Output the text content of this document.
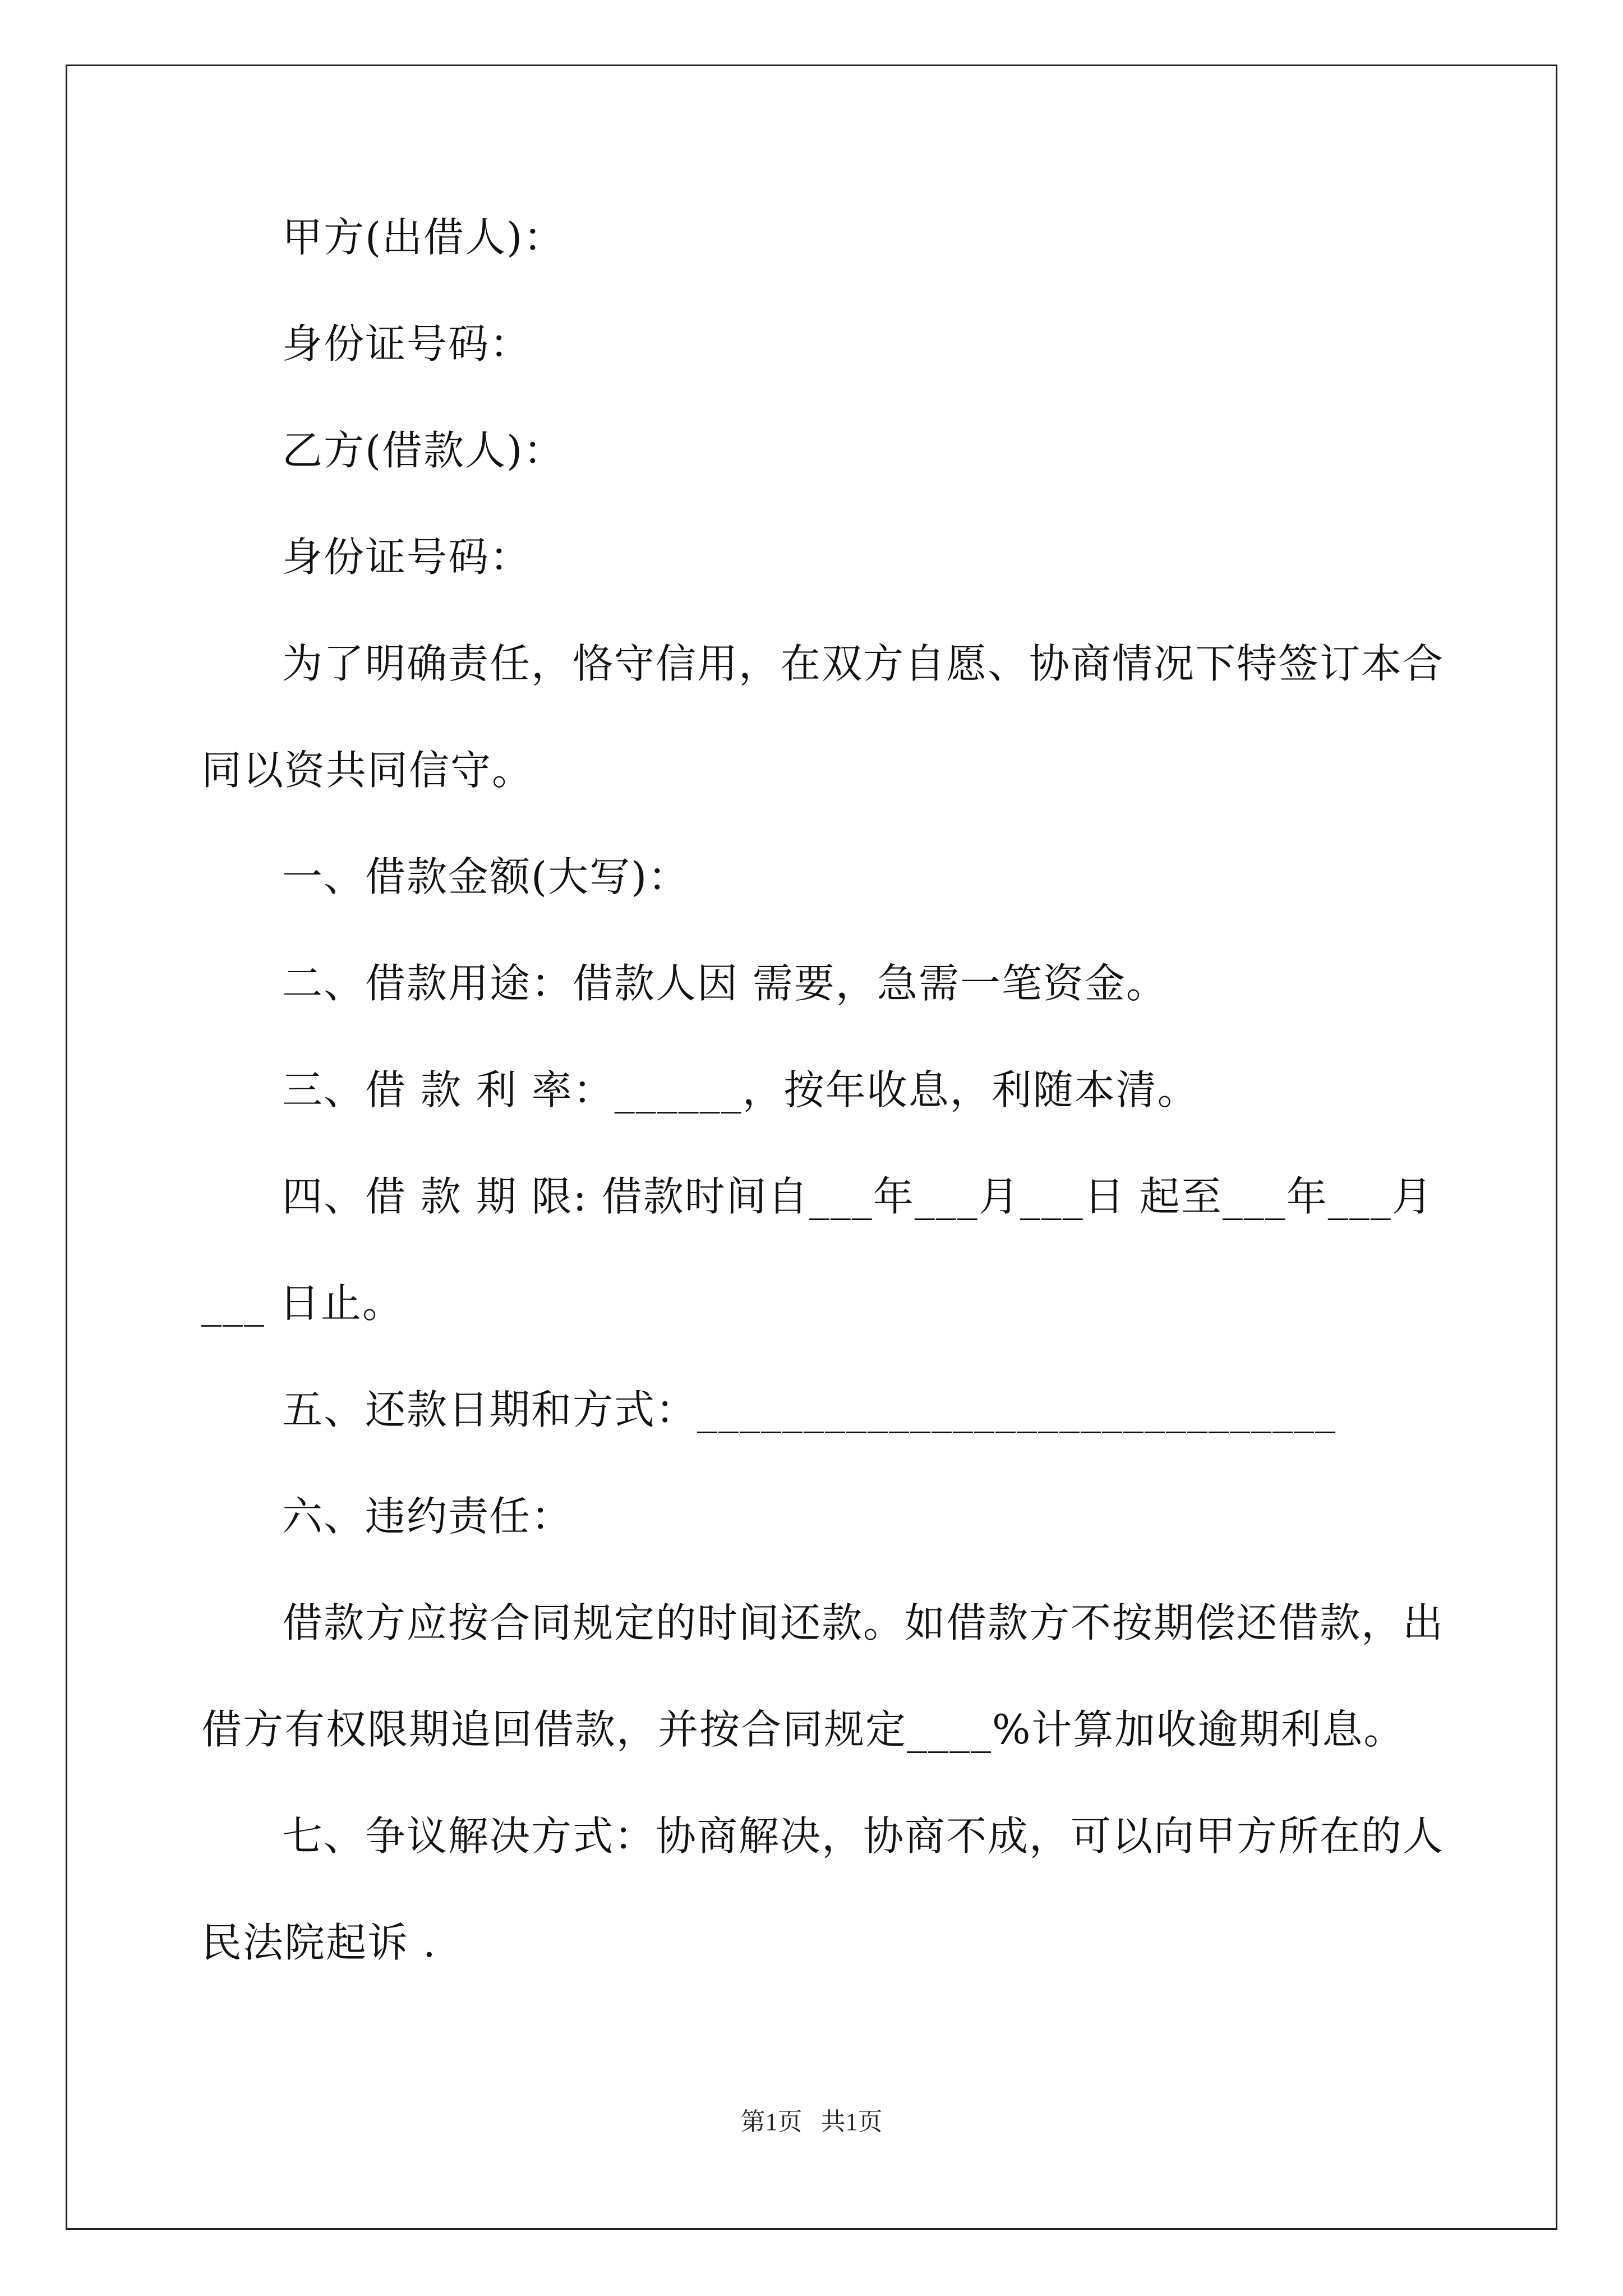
甲方(出借人)：
身份证号码：
乙方(借款人)：
身份证号码：
为了明确责任，恪守信用，在双方自愿、协商情况下特签订本合
同以资共同信守。
一、借款金额(大写)：
二、借款用途：借款人因 需要，急需一笔资金。
三、借 款 利 率：______，按年收息，利随本清。
四、借 款 期 限: 借款时间自___年___月___日 起至___年___月
___ 日止。
五、还款日期和方式：______________________________
六、违约责任：
借款方应按合同规定的时间还款。如借款方不按期偿还借款，出
借方有权限期追回借款，并按合同规定____%计算加收逾期利息。
七、争议解决方式：协商解决，协商不成，可以向甲方所在的人
民法院起诉 .
第1页   共1页
